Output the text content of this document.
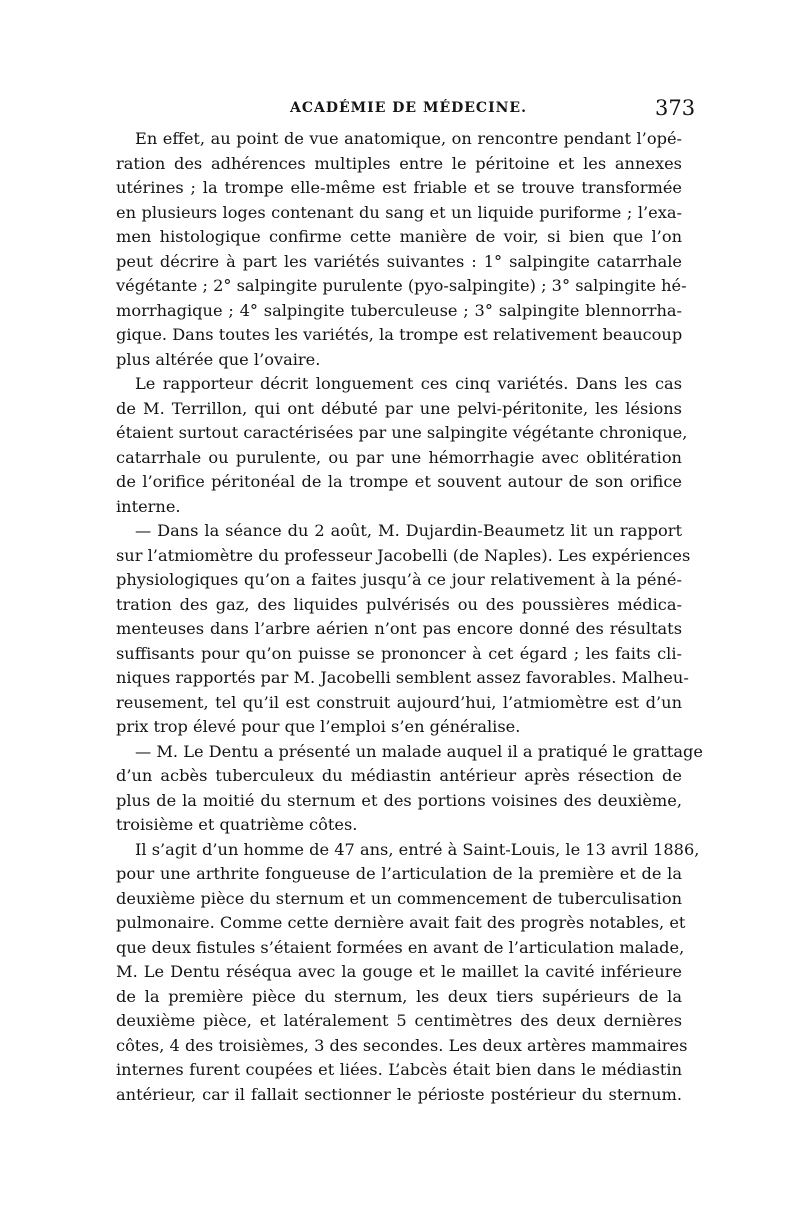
ACADÉMIE DE MÉDECINE.	373
En effet, au point de vue anatomique, on rencontre pendant l’opé-
ration des adhérences multiples entre le péritoine et les annexes
utérines ; la trompe elle-même est friable et se trouve transformée
en plusieurs loges contenant du sang et un liquide puriforme ; l’exa-
men histologique confirme cette manière de voir, si bien que l’on
peut décrire à part les variétés suivantes : 1° salpingite catarrhale
végétante ; 2° salpingite purulente (pyo-salpingite) ; 3° salpingite hé-
morrhagique ; 4° salpingite tuberculeuse ; 3° salpingite blennorrha-
gique. Dans toutes les variétés, la trompe est relativement beaucoup
plus altérée que l’ovaire.
Le rapporteur décrit longuement ces cinq variétés. Dans les cas
de M. Terrillon, qui ont débuté par une pelvi-péritonite, les lésions
étaient surtout caractérisées par une salpingite végétante chronique,
catarrhale ou purulente, ou par une hémorrhagie avec oblitération
de l’orifice péritonéal de la trompe et souvent autour de son orifice
interne.
— Dans la séance du 2 août, M. Dujardin-Beaumetz lit un rapport
sur l’atmiomètre du professeur Jacobelli (de Naples). Les expériences
physiologiques qu’on a faites jusqu’à ce jour relativement à la péné-
tration des gaz, des liquides pulvérisés ou des poussières médica-
menteuses dans l’arbre aérien n’ont pas encore donné des résultats
suffisants pour qu’on puisse se prononcer à cet égard ; les faits cli-
niques rapportés par M. Jacobelli semblent assez favorables. Malheu-
reusement, tel qu’il est construit aujourd’hui, l’atmiomètre est d’un
prix trop élevé pour que l’emploi s’en généralise.
— M. Le Dentu a présenté un malade auquel il a pratiqué le grattage
d’un acbès tuberculeux du médiastin antérieur après résection de
plus de la moitié du sternum et des portions voisines des deuxième,
troisième et quatrième côtes.
Il s’agit d’un homme de 47 ans, entré à Saint-Louis, le 13 avril 1886,
pour une arthrite fongueuse de l’articulation de la première et de la
deuxième pièce du sternum et un commencement de tuberculisation
pulmonaire. Comme cette dernière avait fait des progrès notables, et
que deux fistules s’étaient formées en avant de l’articulation malade,
M. Le Dentu réséqua avec la gouge et le maillet la cavité inférieure
de la première pièce du sternum, les deux tiers supérieurs de la
deuxième pièce, et latéralement 5 centimètres des deux dernières
côtes, 4 des troisièmes, 3 des secondes. Les deux artères mammaires
internes furent coupées et liées. L’abcès était bien dans le médiastin
antérieur, car il fallait sectionner le périoste postérieur du sternum.
